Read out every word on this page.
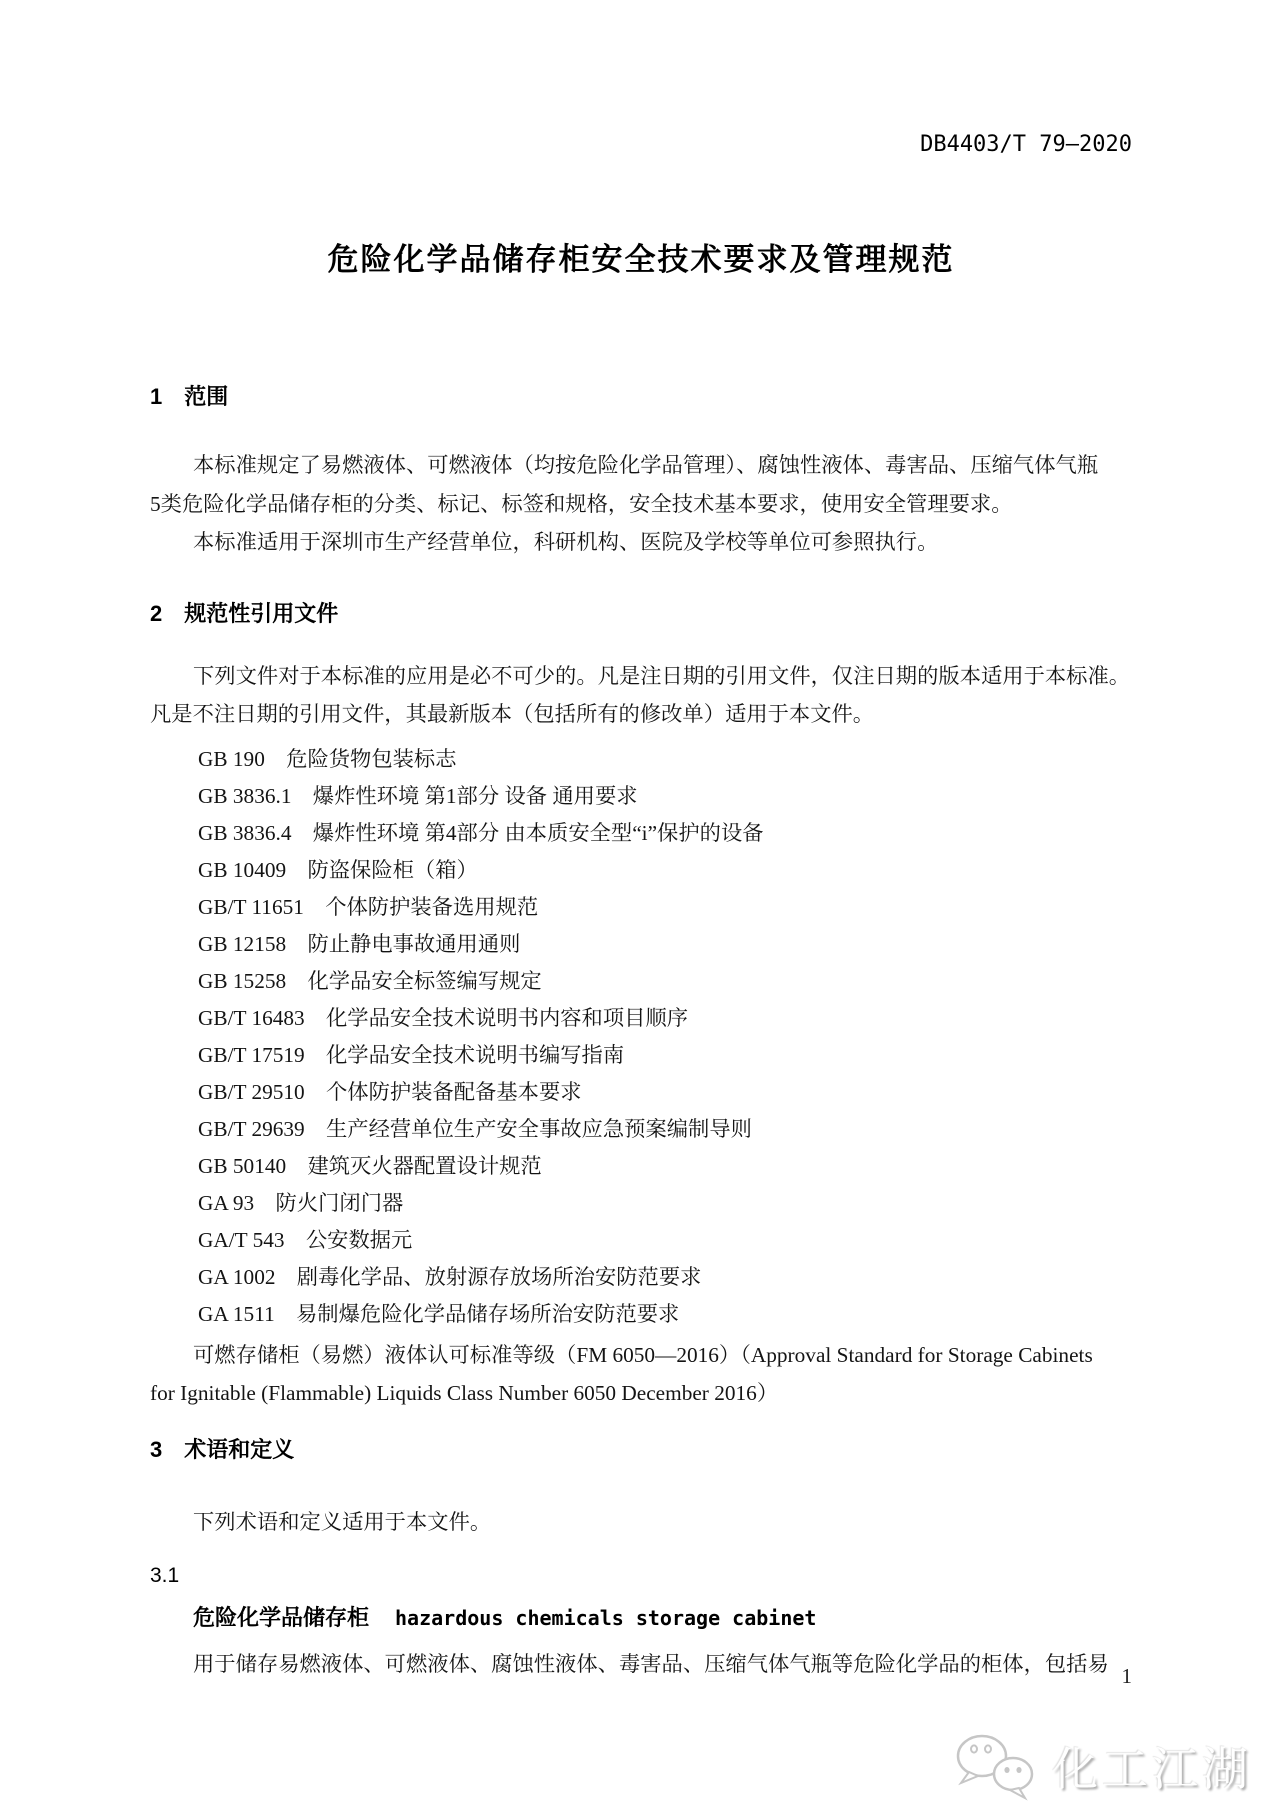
DB4403/T 79—2020
危险化学品储存柜安全技术要求及管理规范
1　范围
本标准规定了易燃液体、可燃液体（均按危险化学品管理）、腐蚀性液体、毒害品、压缩气体气瓶
5类危险化学品储存柜的分类、标记、标签和规格，安全技术基本要求，使用安全管理要求。
本标准适用于深圳市生产经营单位，科研机构、医院及学校等单位可参照执行。
2　规范性引用文件
下列文件对于本标准的应用是必不可少的。凡是注日期的引用文件，仅注日期的版本适用于本标准。
凡是不注日期的引用文件，其最新版本（包括所有的修改单）适用于本文件。
GB 190　危险货物包装标志
GB 3836.1　爆炸性环境 第1部分 设备 通用要求
GB 3836.4　爆炸性环境 第4部分 由本质安全型“i”保护的设备
GB 10409　防盗保险柜（箱）
GB/T 11651　个体防护装备选用规范
GB 12158　防止静电事故通用通则
GB 15258　化学品安全标签编写规定
GB/T 16483　化学品安全技术说明书内容和项目顺序
GB/T 17519　化学品安全技术说明书编写指南
GB/T 29510　个体防护装备配备基本要求
GB/T 29639　生产经营单位生产安全事故应急预案编制导则
GB 50140　建筑灭火器配置设计规范
GA 93　防火门闭门器
GA/T 543　公安数据元
GA 1002　剧毒化学品、放射源存放场所治安防范要求
GA 1511　易制爆危险化学品储存场所治安防范要求
可燃存储柜（易燃）液体认可标准等级（FM 6050—2016）（Approval Standard for Storage Cabinets
for Ignitable (Flammable) Liquids Class Number 6050 December 2016）
3　术语和定义
下列术语和定义适用于本文件。
3.1
危险化学品储存柜 hazardous chemicals storage cabinet
用于储存易燃液体、可燃液体、腐蚀性液体、毒害品、压缩气体气瓶等危险化学品的柜体，包括易 1
化工江湖
